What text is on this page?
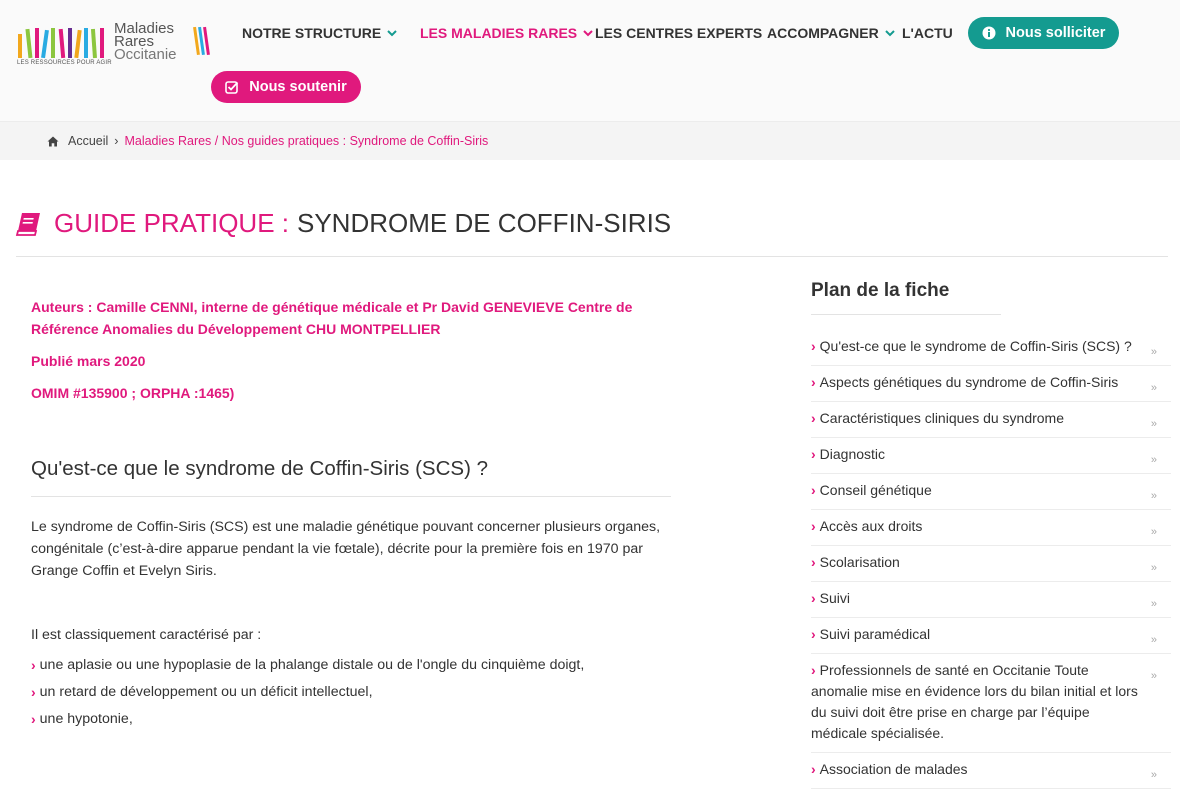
Maladies
Rares
Occitanie
LES RESSOURCES POUR AGIR
NOTRE STRUCTURE	LES MALADIES RARES LES CENTRES EXPERTS ACCOMPAGNER L'ACTU	Nous solliciter
Nous soutenir
Accueil › Maladies Rares / Nos guides pratiques : Syndrome de Coffin-Siris
GUIDE PRATIQUE : SYNDROME DE COFFIN-SIRIS
Auteurs : Camille CENNI, interne de génétique médicale et Pr David GENEVIEVE Centre de Référence Anomalies du Développement CHU MONTPELLIER
Publié mars 2020
OMIM #135900 ; ORPHA :1465)
Qu'est-ce que le syndrome de Coffin-Siris (SCS) ?
Le syndrome de Coffin-Siris (SCS) est une maladie génétique pouvant concerner plusieurs organes, congénitale (c’est-à-dire apparue pendant la vie fœtale), décrite pour la première fois en 1970 par Grange Coffin et Evelyn Siris.
Il est classiquement caractérisé par :
› une aplasie ou une hypoplasie de la phalange distale ou de l'ongle du cinquième doigt,
› un retard de développement ou un déficit intellectuel,
› une hypotonie,
Plan de la fiche
› Qu'est-ce que le syndrome de Coffin-Siris (SCS) ? »
› Aspects génétiques du syndrome de Coffin-Siris	»
› Caractéristiques cliniques du syndrome	»
› Diagnostic	»
› Conseil génétique	»
› Accès aux droits	»
› Scolarisation	»
› Suivi	»
› Suivi paramédical	»
› Professionnels de santé en Occitanie Toute anomalie mise en évidence lors du bilan initial et lors du suivi doit être prise en charge par l’équipe médicale spécialisée.
»
› Association de malades	»
